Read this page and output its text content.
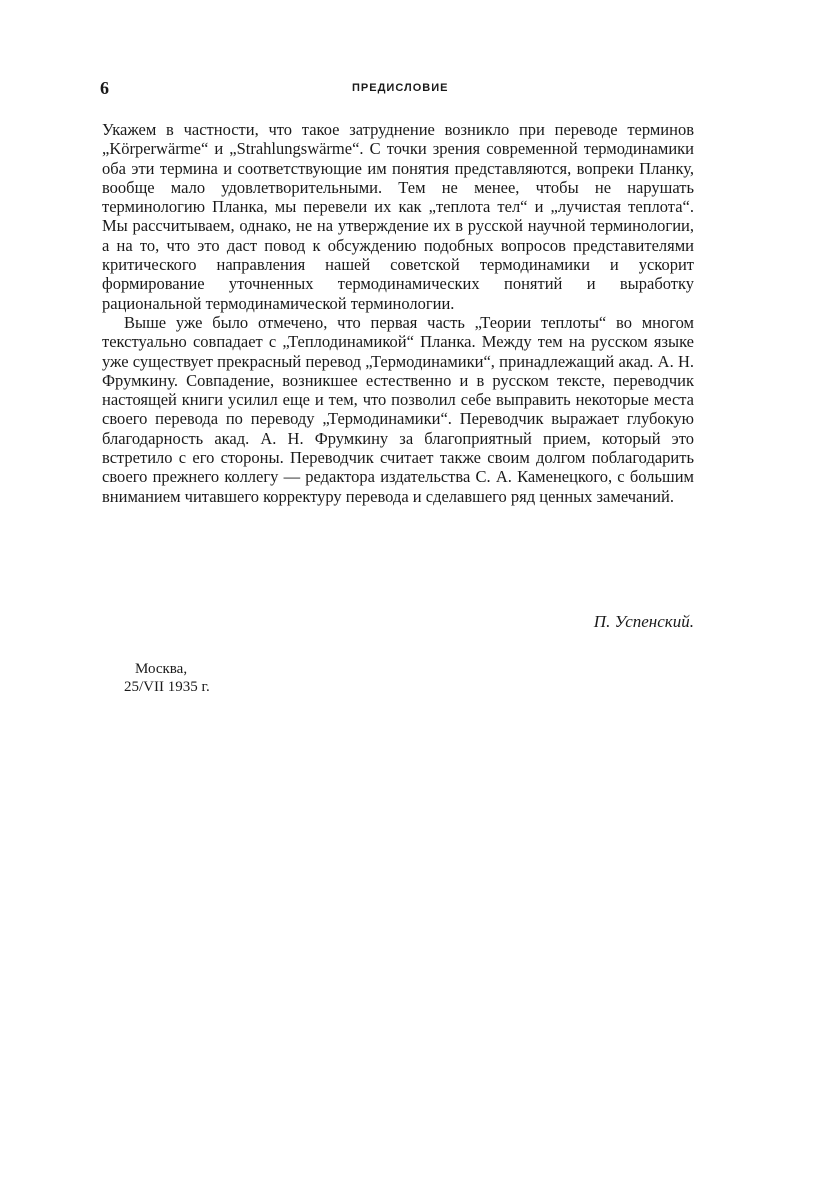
6	ПРЕДИСЛОВИЕ

Укажем в частности, что такое затруднение возникло при переводе терминов „Körperwärme“ и „Strahlungswärme“. С точки зрения современной термодинамики оба эти термина и соответствующие им понятия представляются, вопреки Планку, вообще мало удовлетворительными. Тем не менее, чтобы не нарушать терминологию Планка, мы перевели их как „теплота тел“ и „лучистая теплота“. Мы рассчитываем, однако, не на утверждение их в русской научной терминологии, а на то, что это даст повод к обсуждению подобных вопросов представителями критического направления нашей советской термодинамики и ускорит формирование уточненных термодинамических понятий и выработку рациональной термодинамической терминологии.

Выше уже было отмечено, что первая часть „Теории теплоты“ во многом текстуально совпадает с „Теплодинамикой“ Планка. Между тем на русском языке уже существует прекрасный перевод „Термодинамики“, принадлежащий акад. А. Н. Фрумкину. Совпадение, возникшее естественно и в русском тексте, переводчик настоящей книги усилил еще и тем, что позволил себе выправить некоторые места своего перевода по переводу „Термодинамики“. Переводчик выражает глубокую благодарность акад. А. Н. Фрумкину за благоприятный прием, который это встретило с его стороны. Переводчик считает также своим долгом поблагодарить своего прежнего коллегу — редактора издательства С. А. Каменецкого, с большим вниманием читавшего корректуру перевода и сделавшего ряд ценных замечаний.

П. Успенский.
Москва,
25/VII 1935 г.
